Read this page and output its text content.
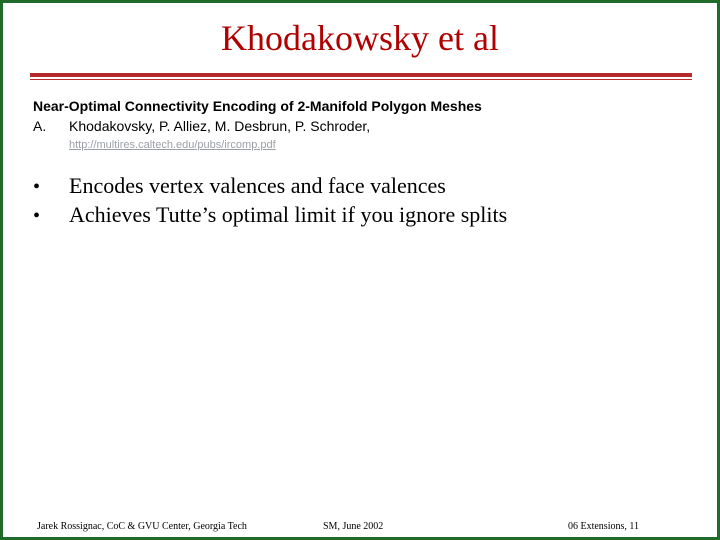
Khodakowsky et al
Near-Optimal Connectivity Encoding of 2-Manifold Polygon Meshes
A. Khodakovsky, P. Alliez, M. Desbrun, P. Schroder,
http://multires.caltech.edu/pubs/ircomp.pdf
•	Encodes vertex valences and face valences
•	Achieves Tutte’s optimal limit if you ignore splits
Jarek Rossignac, CoC & GVU Center, Georgia Tech	SM, June 2002	06 Extensions, 11
